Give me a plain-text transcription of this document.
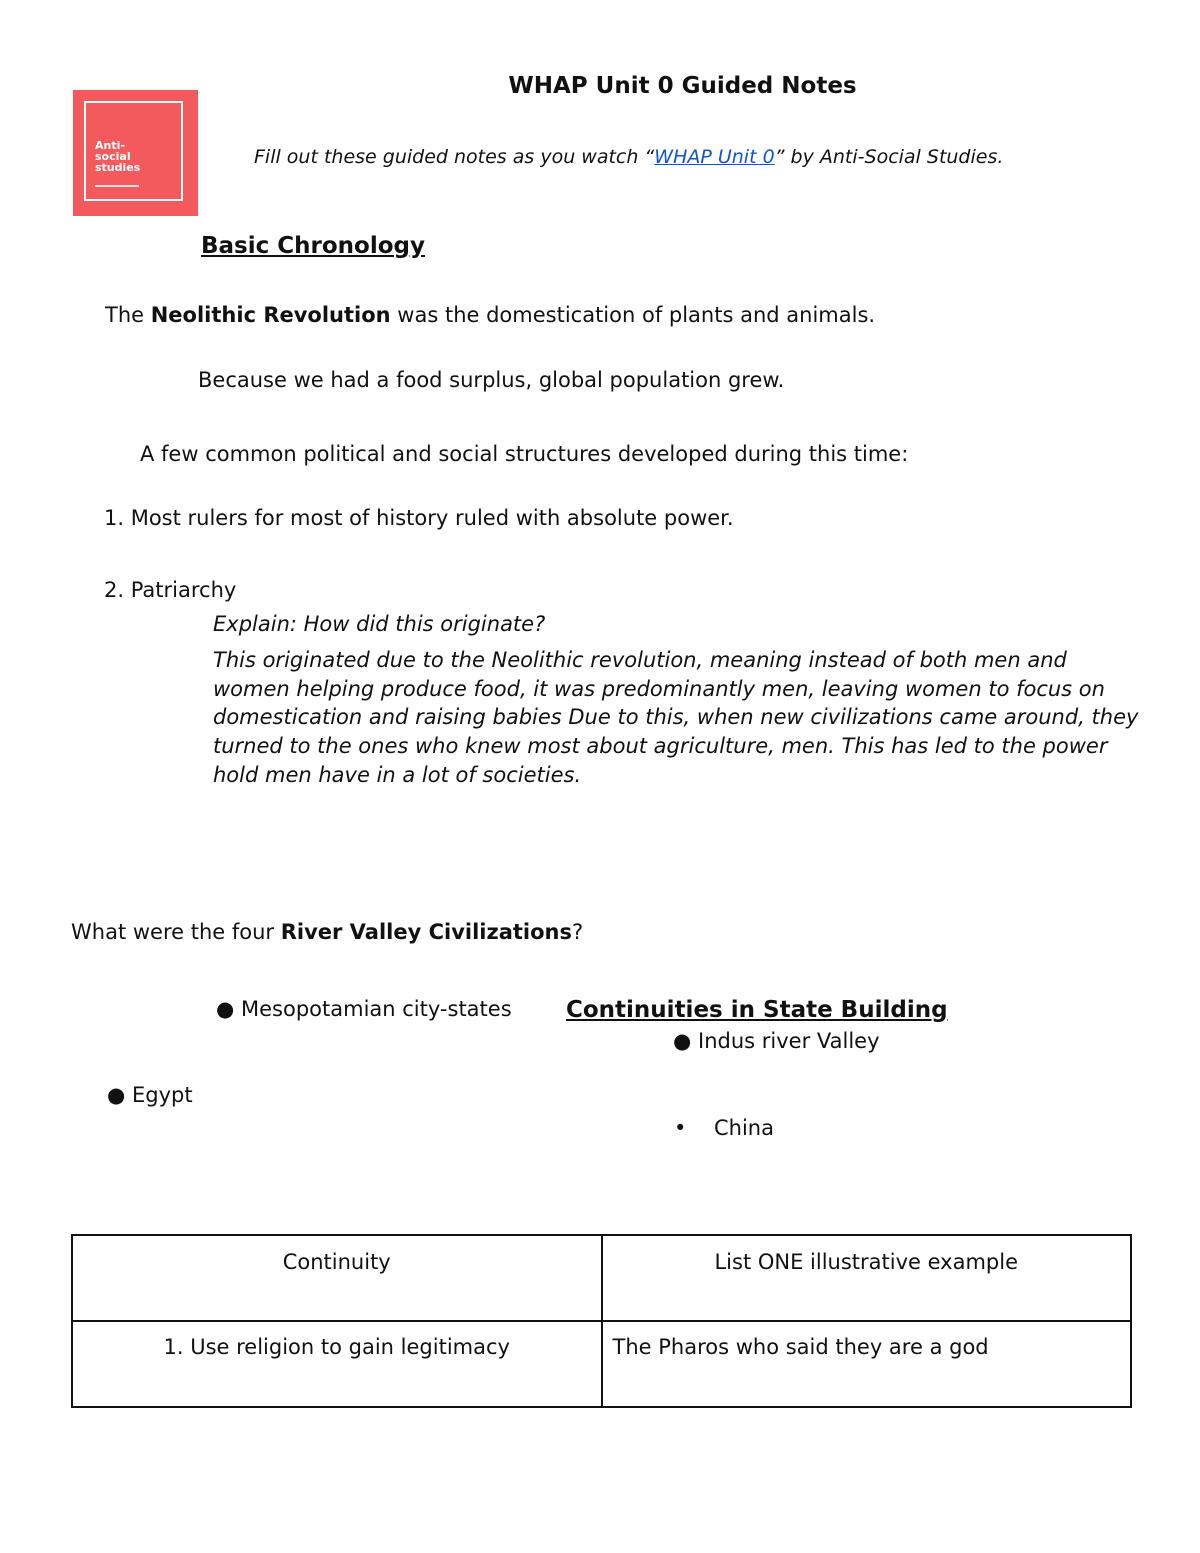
Anti-
social
studies
WHAP Unit 0 Guided Notes
Fill out these guided notes as you watch “WHAP Unit 0” by Anti-Social Studies.
Basic Chronology
The Neolithic Revolution was the domestication of plants and animals.
Because we had a food surplus, global population grew.
A few common political and social structures developed during this time:
1. Most rulers for most of history ruled with absolute power.
2. Patriarchy
Explain: How did this originate?
This originated due to the Neolithic revolution, meaning instead of both men and women helping produce food, it was predominantly men, leaving women to focus on domestication and raising babies Due to this, when new civilizations came around, they turned to the ones who knew most about agriculture, men. This has led to the power hold men have in a lot of societies.
What were the four River Valley Civilizations?
● Mesopotamian city-states Continuities in State Building
● Indus river Valley
● Egypt
• China
Continuity	List ONE illustrative example
1. Use religion to gain legitimacy	The Pharos who said they are a god
